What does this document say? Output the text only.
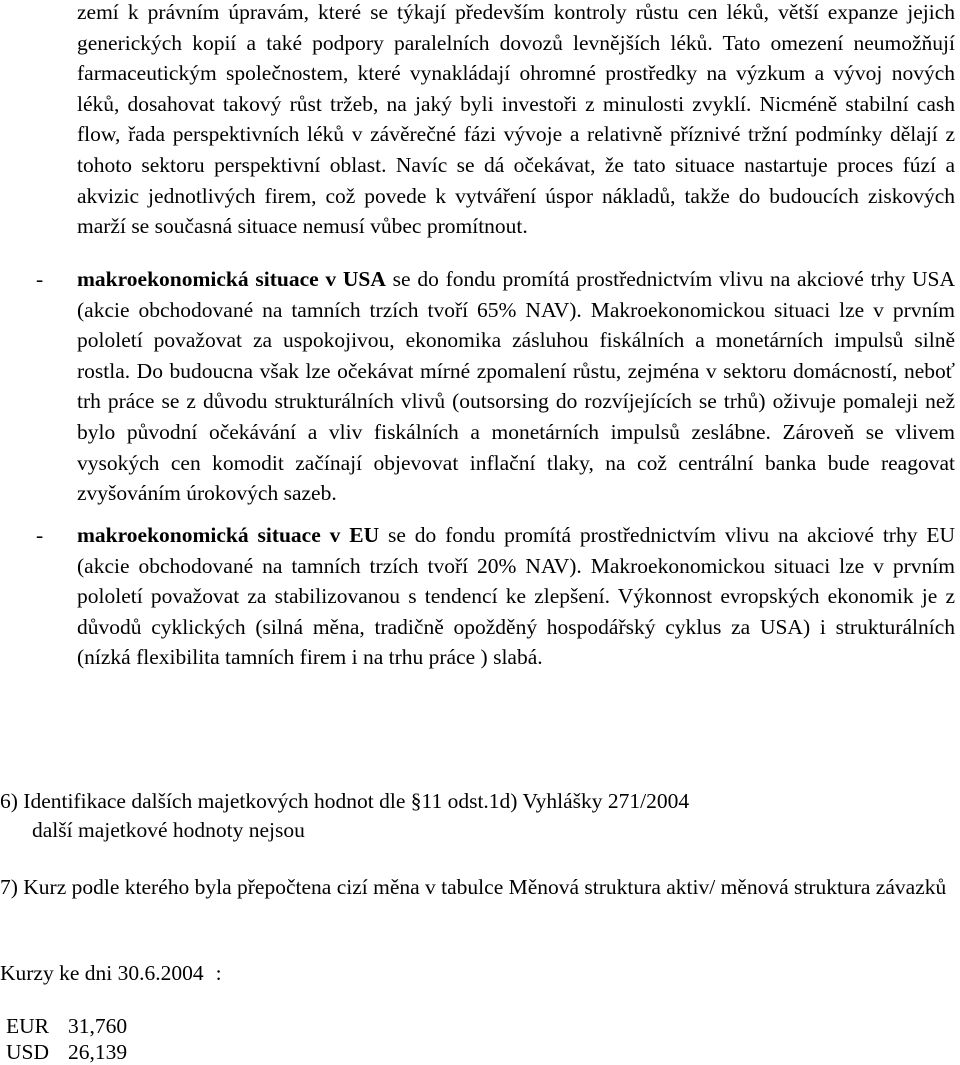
zemí k právním úpravám, které se týkají především kontroly růstu cen léků, větší expanze jejich generických kopií a také podpory paralelních dovozů levnějších léků. Tato omezení neumožňují farmaceutickým společnostem, které vynakládají ohromné prostředky na výzkum a vývoj nových léků, dosahovat takový růst tržeb, na jaký byli investoři z minulosti zvyklí. Nicméně stabilní cash flow, řada perspektivních léků v závěrečné fázi vývoje a relativně příznivé tržní podmínky dělají z tohoto sektoru perspektivní oblast. Navíc se dá očekávat, že tato situace nastartuje proces fúzí a akvizic jednotlivých firem, což povede k vytváření úspor nákladů, takže do budoucích ziskových marží se současná situace nemusí vůbec promítnout.

- makroekonomická situace v USA se do fondu promítá prostřednictvím vlivu na akciové trhy USA (akcie obchodované na tamních trzích tvoří 65% NAV). Makroekonomickou situaci lze v prvním pololetí považovat za uspokojivou, ekonomika zásluhou fiskálních a monetárních impulsů silně rostla. Do budoucna však lze očekávat mírné zpomalení růstu, zejména v sektoru domácností, neboť trh práce se z důvodu strukturálních vlivů (outsorsing do rozvíjejících se trhů) oživuje pomaleji než bylo původní očekávání a vliv fiskálních a monetárních impulsů zeslábne. Zároveň se vlivem vysokých cen komodit začínají objevovat inflační tlaky, na což centrální banka bude reagovat zvyšováním úrokových sazeb.

- makroekonomická situace v EU se do fondu promítá prostřednictvím vlivu na akciové trhy EU (akcie obchodované na tamních trzích tvoří 20% NAV). Makroekonomickou situaci lze v prvním pololetí považovat za stabilizovanou s tendencí ke zlepšení. Výkonnost evropských ekonomik je z důvodů cyklických (silná měna, tradičně opožděný hospodářský cyklus za USA) i strukturálních (nízká flexibilita tamních firem i na trhu práce ) slabá.

6) Identifikace dalších majetkových hodnot dle §11 odst.1d) Vyhlášky 271/2004

další majetkové hodnoty nejsou

7) Kurz podle kterého byla přepočtena cizí měna v tabulce Měnová struktura aktiv/ měnová struktura závazků

Kurzy ke dni 30.6.2004 :

EUR	31,760
USD	26,139
